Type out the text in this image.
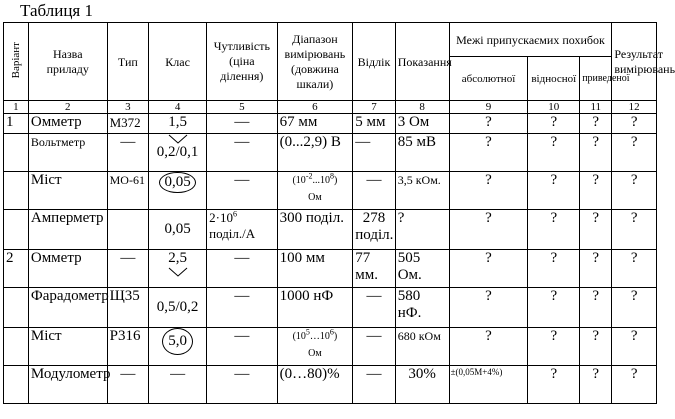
Таблиця 1
Варіант	Назва приладу	Тип	Клас	Чутливість (ціна ділення)	Діапазон вимірювань (довжина шкали)	Відлік	Показання	Межі припускаємих похибок			Результат вимірювань
								абсолютної	відносної	приведеної	
1	2	3	4	5	6	7	8	9	10	11	12
1	Омметр	М372	1,5	—	67 мм	5 мм	3 Ом	?	?	?	?
	Вольтметр	—	0,2/0,1	—	(0...2,9) В	—	85 мВ	?	?	?	?
	Міст	МО-61	0,05	—	$(10^{-2}...10^8)$
Ом	—	3,5 кОм.	?	?	?	?
	Амперметр		0,05	$2\cdot 10^6$ поділ./А	300 поділ.	278 поділ.	?	?	?	?	?
2	Омметр	—	2,5	—	100 мм	77 мм.	505 Ом.	?	?	?	?
	Фарадометр	Щ35	0,5/0,2	—	1000 нФ	—	580 нФ.	?	?	?	?
	Міст	Р316	5,0	—	$(10^5\dots 10^6)$
Ом	—	680 кОм	?	?	?	?
	Модулометр	—	—	—	(0…80)%	—	30%	±(0,05М+4%)	?	?	?
